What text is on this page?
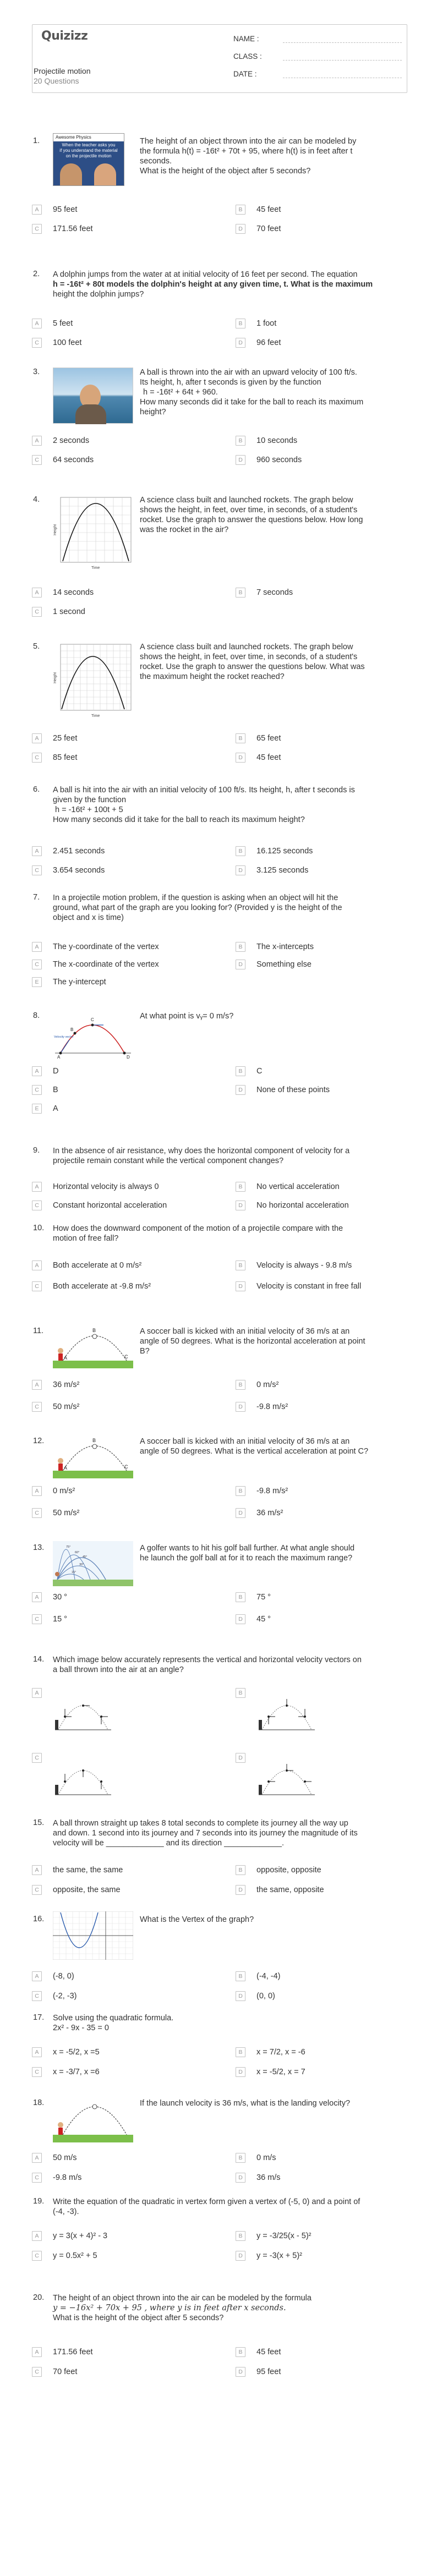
Quizizz
Projectile motion
20 Questions
NAME :
CLASS :
DATE :
1.	Awesome Physics
When the teacher asks you
if you understand the material
on the projectile motion
The height of an object thrown into the air can be modeled by
the formula h(t) = -16t² + 70t + 95, where h(t) is in feet after t
seconds.
What is the height of the object after 5 seconds?
A	95 feet	B	45 feet
C	171.56 feet	D	70 feet
2. A dolphin jumps from the water at at initial velocity of 16 feet per second. The equation
h = -16t² + 80t models the dolphin's height at any given time, t. What is the maximum
height the dolphin jumps?
A	5 feet	B	1 foot
C	100 feet	D	96 feet
3.	A ball is thrown into the air with an upward velocity of 100 ft/s.
Its height, h, after t seconds is given by the function
h = -16t² + 64t + 960.
How many seconds did it take for the ball to reach its maximum
height?
A	2 seconds	B	10 seconds
C	64 seconds	D	960 seconds
4.
Height
Time
A science class built and launched rockets. The graph below
shows the height, in feet, over time, in seconds, of a student's
rocket. Use the graph to answer the questions below. How long
was the rocket in the air?
A	14 seconds	B	7 seconds
C	1 second
5.
Height
Time
A science class built and launched rockets. The graph below
shows the height, in feet, over time, in seconds, of a student's
rocket. Use the graph to answer the questions below. What was
the maximum height the rocket reached?
A	25 feet	B	65 feet
C	85 feet	D	45 feet
6. A ball is hit into the air with an initial velocity of 100 ft/s. Its height, h, after t seconds is
given by the function
h = -16t² + 100t + 5
How many seconds did it take for the ball to reach its maximum height?
A	2.451 seconds	B	16.125 seconds
C	3.654 seconds	D	3.125 seconds
7. In a projectile motion problem, if the question is asking when an object will hit the
ground, what part of the graph are you looking for? (Provided y is the height of the
object and x is time)
A	The y-coordinate of the vertex	B	The x-intercepts
C	The x-coordinate of the vertex	D	Something else
E	The y-intercept
8.
A
B
C
D
Velocity vector
At what point is vᵧ= 0 m/s?
A	D	B	C
C	B	D	None of these points
E	A
9. In the absence of air resistance, why does the horizontal component of velocity for a
projectile remain constant while the vertical component changes?
A	Horizontal velocity is always 0	B	No vertical acceleration
C	Constant horizontal acceleration	D	No horizontal acceleration
10. How does the downward component of the motion of a projectile compare with the
motion of free fall?
A	Both accelerate at 0 m/s²	B	Velocity is always - 9.8 m/s
C	Both accelerate at -9.8 m/s²	D	Velocity is constant in free fall
11.
A
B
C
A soccer ball is kicked with an initial velocity of 36 m/s at an
angle of 50 degrees. What is the horizontal acceleration at point
B?
A	36 m/s²	B	0 m/s²
C	50 m/s²	D	-9.8 m/s²
12.
A
B
C
A soccer ball is kicked with an initial velocity of 36 m/s at an
angle of 50 degrees. What is the vertical acceleration at point C?
A	0 m/s²	B	-9.8 m/s²
C	50 m/s²	D	36 m/s²
13.	75°
60°
45°
30°
15°
A golfer wants to hit his golf ball further. At what angle should
he launch the golf ball at for it to reach the maximum range?
A	30 °	B	75 °
C	15 °	D	45 °
14. Which image below accurately represents the vertical and horizontal velocity vectors on
a ball thrown into the air at an angle?
A	B
C	D
15. A ball thrown straight up takes 8 total seconds to complete its journey all the way up
and down. 1 second into its journey and 7 seconds into its journey the magnitude of its
velocity will be _____________ and its direction _____________.
A	the same, the same	B	opposite, opposite
C	opposite, the same	D	the same, opposite
16.	What is the Vertex of the graph?
A	(-8, 0)	B	(-4, -4)
C	(-2, -3)	D	(0, 0)
17. Solve using the quadratic formula.
2x² - 9x - 35 = 0
A	x = -5/2, x =5	B	x = 7/2, x = -6
C	x = -3/7, x =6	D	x = -5/2, x = 7
18.	If the launch velocity is 36 m/s, what is the landing velocity?
A	50 m/s	B	0 m/s
C	-9.8 m/s	D	36 m/s
19. Write the equation of the quadratic in vertex form given a vertex of (-5, 0) and a point of
(-4, -3).
A	y = 3(x + 4)² - 3	B	y = -3/25(x - 5)²
C	y = 0.5x² + 5	D	y = -3(x + 5)²
20. The height of an object thrown into the air can be modeled by the formula
y = −16x² + 70x + 95 , where y is in feet after x seconds.
What is the height of the object after 5 seconds?
A	171.56 feet	B	45 feet
C	70 feet	D	95 feet
